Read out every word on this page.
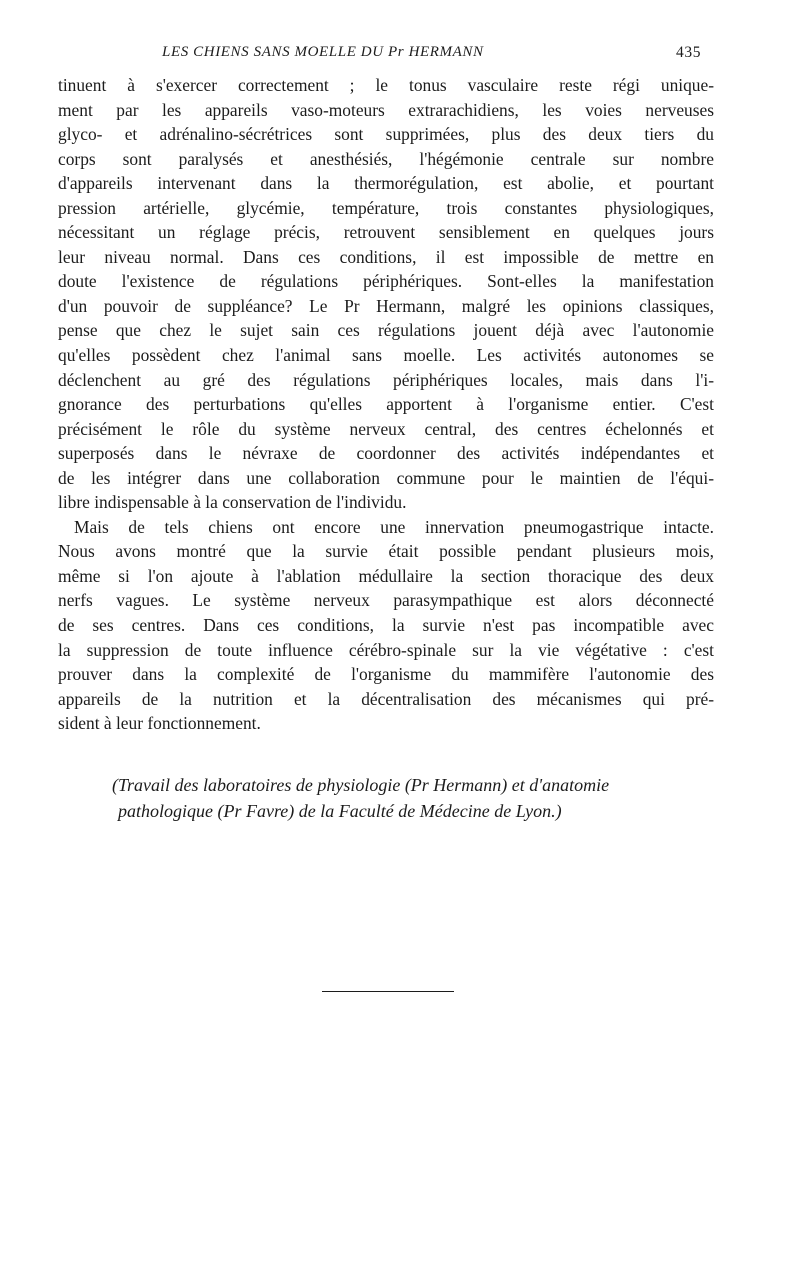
LES CHIENS SANS MOELLE DU Pr HERMANN	435
tinuent à s'exercer correctement ; le tonus vasculaire reste régi unique-
ment par les appareils vaso-moteurs extrarachidiens, les voies nerveuses
glyco- et adrénalino-sécrétrices sont supprimées, plus des deux tiers du
corps sont paralysés et anesthésiés, l'hégémonie centrale sur nombre
d'appareils intervenant dans la thermorégulation, est abolie, et pourtant
pression artérielle, glycémie, température, trois constantes physiologiques,
nécessitant un réglage précis, retrouvent sensiblement en quelques jours
leur niveau normal. Dans ces conditions, il est impossible de mettre en
doute l'existence de régulations périphériques. Sont-elles la manifestation
d'un pouvoir de suppléance? Le Pr Hermann, malgré les opinions classiques,
pense que chez le sujet sain ces régulations jouent déjà avec l'autonomie
qu'elles possèdent chez l'animal sans moelle. Les activités autonomes se
déclenchent au gré des régulations périphériques locales, mais dans l'i-
gnorance des perturbations qu'elles apportent à l'organisme entier. C'est
précisément le rôle du système nerveux central, des centres échelonnés et
superposés dans le névraxe de coordonner des activités indépendantes et
de les intégrer dans une collaboration commune pour le maintien de l'équi-
libre indispensable à la conservation de l'individu.
Mais de tels chiens ont encore une innervation pneumogastrique intacte.
Nous avons montré que la survie était possible pendant plusieurs mois,
même si l'on ajoute à l'ablation médullaire la section thoracique des deux
nerfs vagues. Le système nerveux parasympathique est alors déconnecté
de ses centres. Dans ces conditions, la survie n'est pas incompatible avec
la suppression de toute influence cérébro-spinale sur la vie végétative : c'est
prouver dans la complexité de l'organisme du mammifère l'autonomie des
appareils de la nutrition et la décentralisation des mécanismes qui pré-
sident à leur fonctionnement.
(Travail des laboratoires de physiologie (Pr Hermann) et d'anatomie
pathologique (Pr Favre) de la Faculté de Médecine de Lyon.)
